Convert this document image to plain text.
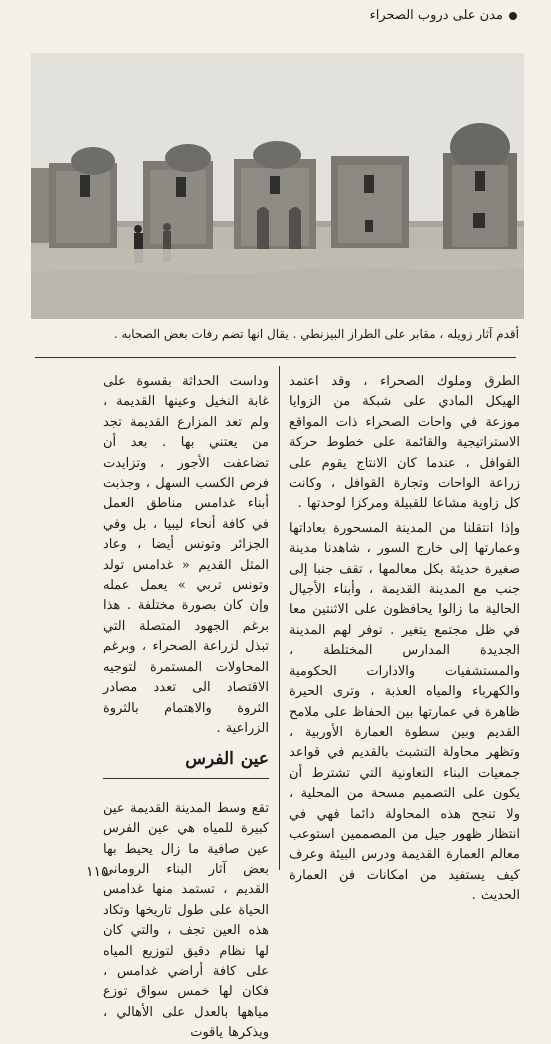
مدن على دروب الصحراء
أقدم آثار زويله ، مقابر على الطراز البيزنطي . يقال انها تضم رفات بعض الصحابه .

الطرق وملوك الصحراء ، وقد اعتمد الهيكل المادي على شبكة من الزوايا موزعة في واحات الصحراء ذات المواقع الاستراتيجية والقائمة على خطوط حركة القوافل ، عندما كان الانتاج يقوم على زراعة الواحات وتجارة القوافل ، وكانت كل زاوية مشاعا للقبيلة ومركزا لوحدتها .

وإذا انتقلنا من المدينة المسحورة بعاداتها وعمارتها إلى خارج السور ، شاهدنا مدينة صغيرة حديثة بكل معالمها ، تقف جنبا إلى جنب مع المدينة القديمة ، وأبناء الأجيال الحالية ما زالوا يحافظون على الاثنتين معا في ظل مجتمع يتغير . توفر لهم المدينة الجديدة المدارس المختلطة ، والمستشفيات والادارات الحكومية والكهرباء والمياه العذبة ، وترى الحيرة ظاهرة في عمارتها بين الحفاظ على ملامح القديم وبين سطوة العمارة الأوربية ، وتظهر محاولة التشبث بالقديم في قواعد جمعيات البناء التعاونية التي تشترط أن يكون على التصميم مسحة من المحلية ، ولا تنجح هذه المحاولة دائما فهي في انتظار ظهور جيل من المصممين استوعب معالم العمارة القديمة ودرس البيئة وعرف كيف يستفيد من امكانات فن العمارة الحديث .

وداست الحداثة بقسوة على غابة النخيل وعينها القديمة ، ولم تعد المزارع القديمة تجد من يعتني بها . بعد أن تضاعفت الأجور ، وتزايدت فرص الكسب السهل ، وجذبت أبناء غدامس مناطق العمل في كافة أنحاء ليبيا ، بل وفي الجزائر وتونس أيضا ، وعاد المثل القديم « غدامس تولد وتونس تربي » يعمل عمله وإن كان بصورة مختلفة . هذا برغم الجهود المتصلة التي تبذل لزراعة الصحراء ، وبرغم المحاولات المستمرة لتوجيه الاقتصاد الى تعدد مصادر الثروة والاهتمام بالثروة الزراعية .

عين الفرس

تقع وسط المدينة القديمة عين كبيرة للمياه هي عين الفرس عين صافية ما زال يحيط بها بعض آثار البناء الروماني القديم ، تستمد منها غدامس الحياة على طول تاريخها وتكاد هذه العين تجف ، والتي كان لها نظام دقيق لتوزيع المياه على كافة أراضي غدامس ، فكان لها خمس سواق توزع مياهها بالعدل على الأهالي ، ويذكرها ياقوت

١١٥
